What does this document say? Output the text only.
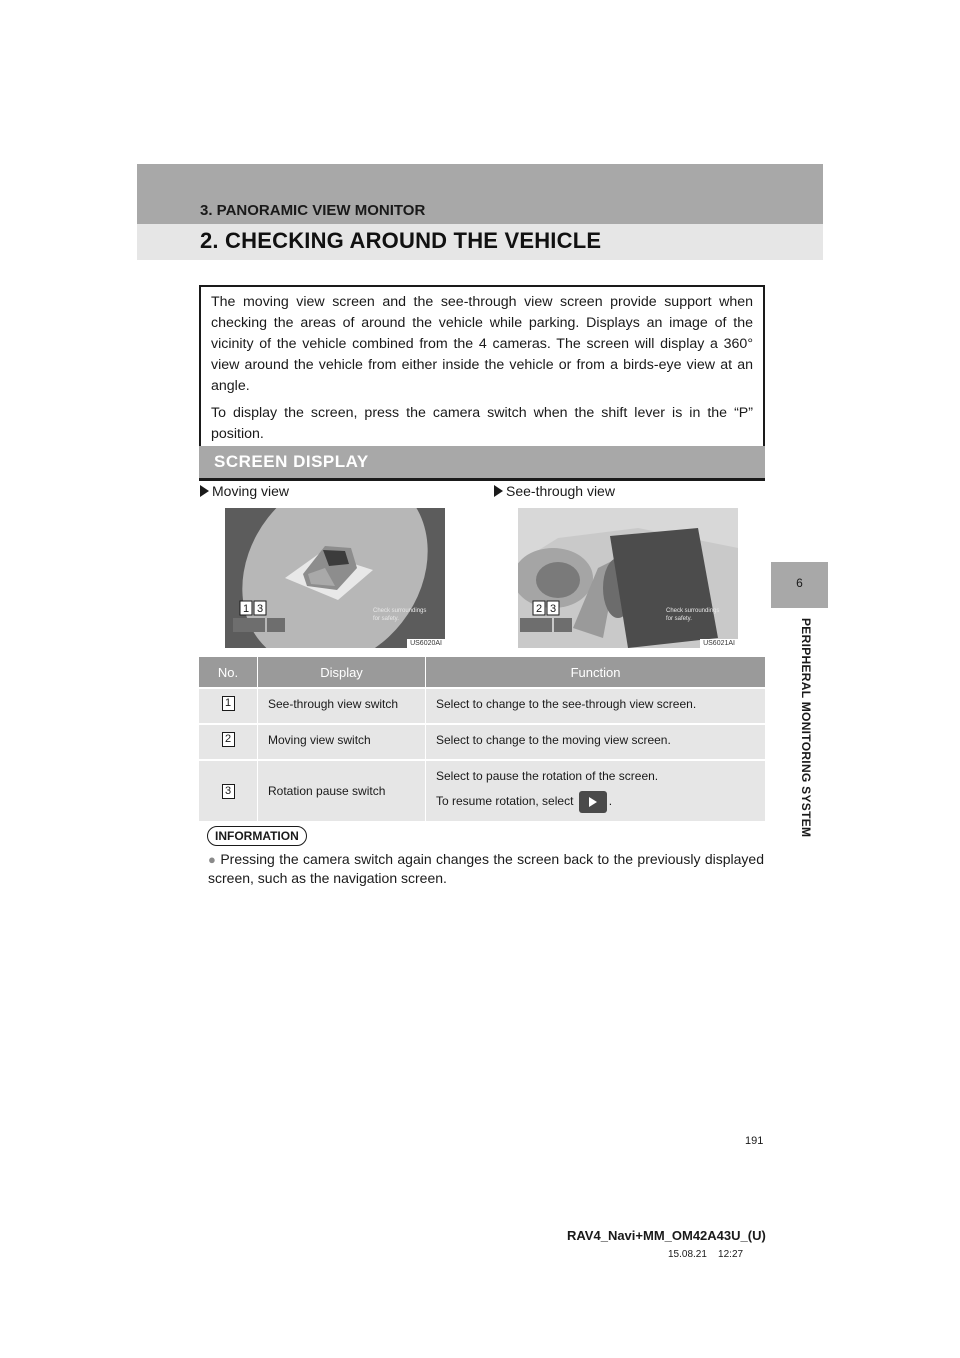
3. PANORAMIC VIEW MONITOR
2. CHECKING AROUND THE VEHICLE
6
PERIPHERAL MONITORING SYSTEM

The moving view screen and the see-through view screen provide support when checking the areas of around the vehicle while parking. Displays an image of the vicinity of the vehicle combined from the 4 cameras. The screen will display a 360° view around the vehicle from either inside the vehicle or from a birds-eye view at an angle.

To display the screen, press the camera switch when the shift lever is in the “P” position.

SCREEN DISPLAY
Moving view	See-through view
1 3	Check surroundings
for safety.
US6020AI
2 3	Check surroundings
for safety.
US6021AI
No.	Display	Function
1	See-through view switch	Select to change to the see-through view screen.
2	Moving view switch	Select to change to the moving view screen.
3	Rotation pause switch	Select to pause the rotation of the screen.
To resume rotation, select .
INFORMATION
● Pressing the camera switch again changes the screen back to the previously displayed screen, such as the navigation screen.
191
RAV4_Navi+MM_OM42A43U_(U)
15.08.21    12:27
